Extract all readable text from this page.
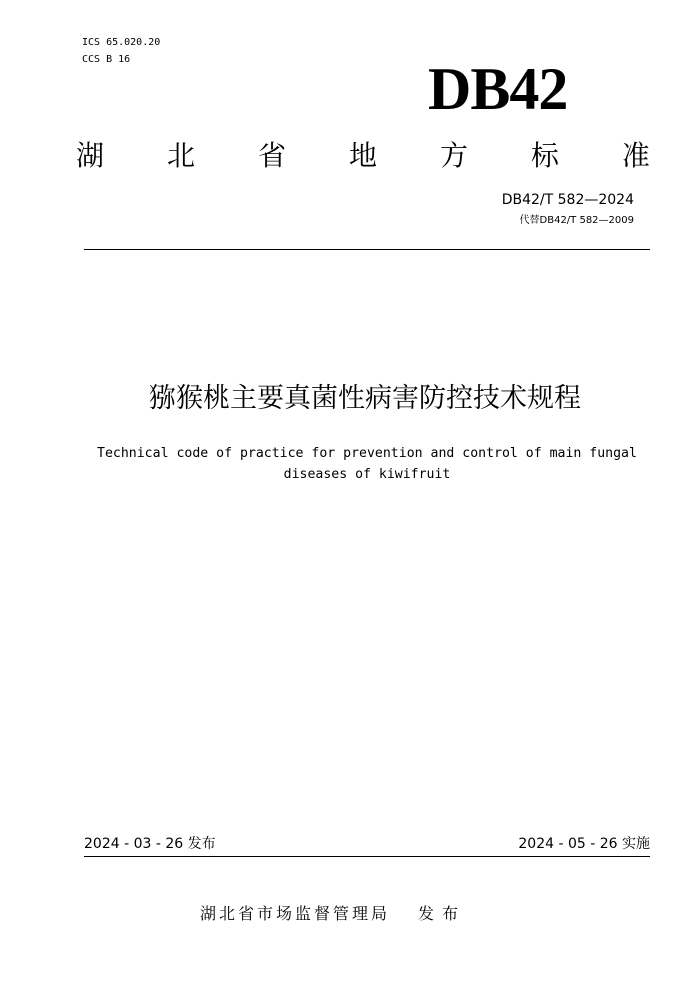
ICS 65.020.20
CCS B 16	DB42
湖 北 省 地 方 标 准
DB42/T 582—2024
代替DB42/T 582—2009
猕猴桃主要真菌性病害防控技术规程
Technical code of practice for prevention and control of main fungal
diseases of kiwifruit
2024 - 03 - 26 发布	2024 - 05 - 26 实施
湖北省市场监督管理局 发布
